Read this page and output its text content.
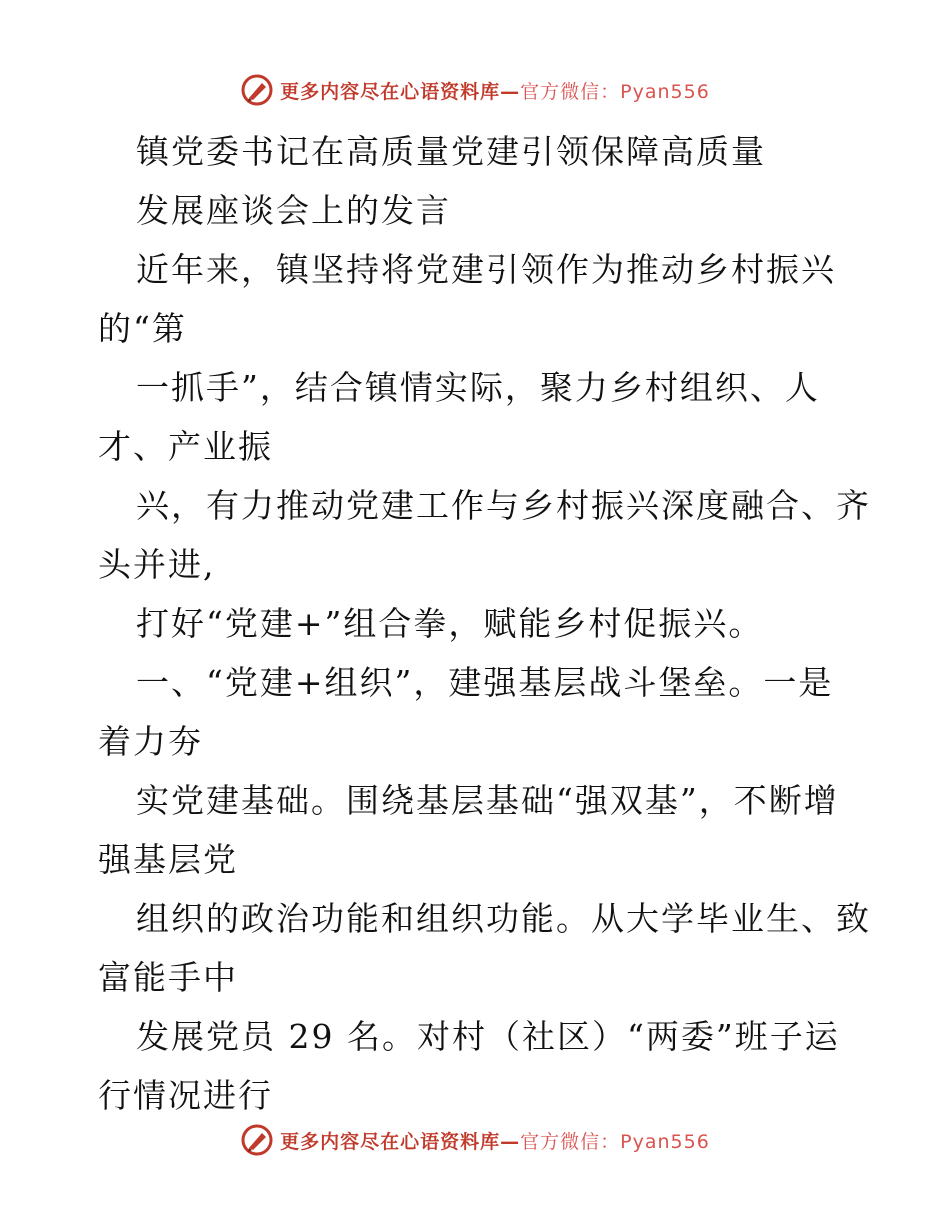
更多内容尽在心语资料库—官方微信：Pyan556
镇党委书记在高质量党建引领保障高质量
发展座谈会上的发言
近年来，镇坚持将党建引领作为推动乡村振兴
的“第
一抓手”，结合镇情实际，聚力乡村组织、人
才、产业振
兴，有力推动党建工作与乡村振兴深度融合、齐
头并进,
打好“党建+”组合拳，赋能乡村促振兴。
一、“党建+组织”，建强基层战斗堡垒。一是
着力夯
实党建基础。围绕基层基础“强双基”，不断增
强基层党
组织的政治功能和组织功能。从大学毕业生、致
富能手中
发展党员 29 名。对村（社区）“两委”班子运
行情况进行
更多内容尽在心语资料库—官方微信：Pyan556
